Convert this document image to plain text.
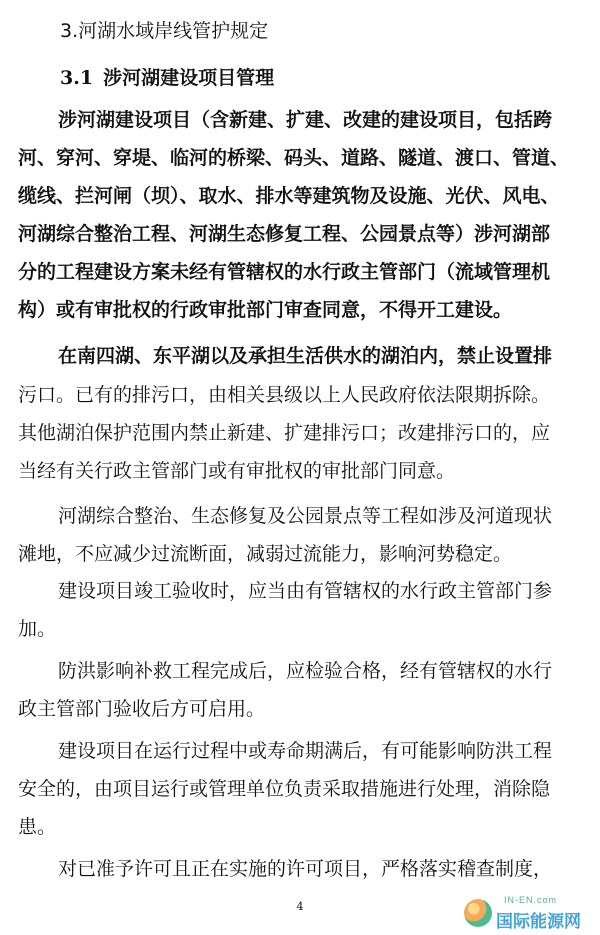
3.河湖水域岸线管护规定
3.1 涉河湖建设项目管理
涉河湖建设项目（含新建、扩建、改建的建设项目，包括跨
河、穿河、穿堤、临河的桥梁、码头、道路、隧道、渡口、管道、
缆线、拦河闸（坝）、取水、排水等建筑物及设施、光伏、风电、
河湖综合整治工程、河湖生态修复工程、公园景点等）涉河湖部
分的工程建设方案未经有管辖权的水行政主管部门（流域管理机
构）或有审批权的行政审批部门审查同意，不得开工建设。
在南四湖、东平湖以及承担生活供水的湖泊内，禁止设置排
污口。已有的排污口，由相关县级以上人民政府依法限期拆除。
其他湖泊保护范围内禁止新建、扩建排污口；改建排污口的，应
当经有关行政主管部门或有审批权的审批部门同意。
河湖综合整治、生态修复及公园景点等工程如涉及河道现状
滩地，不应减少过流断面，减弱过流能力，影响河势稳定。
建设项目竣工验收时，应当由有管辖权的水行政主管部门参
加。
防洪影响补救工程完成后，应检验合格，经有管辖权的水行
政主管部门验收后方可启用。
建设项目在运行过程中或寿命期满后，有可能影响防洪工程
安全的，由项目运行或管理单位负责采取措施进行处理，消除隐
患。
对已准予许可且正在实施的许可项目，严格落实稽查制度，
4	IN-EN.com
国际能源网
